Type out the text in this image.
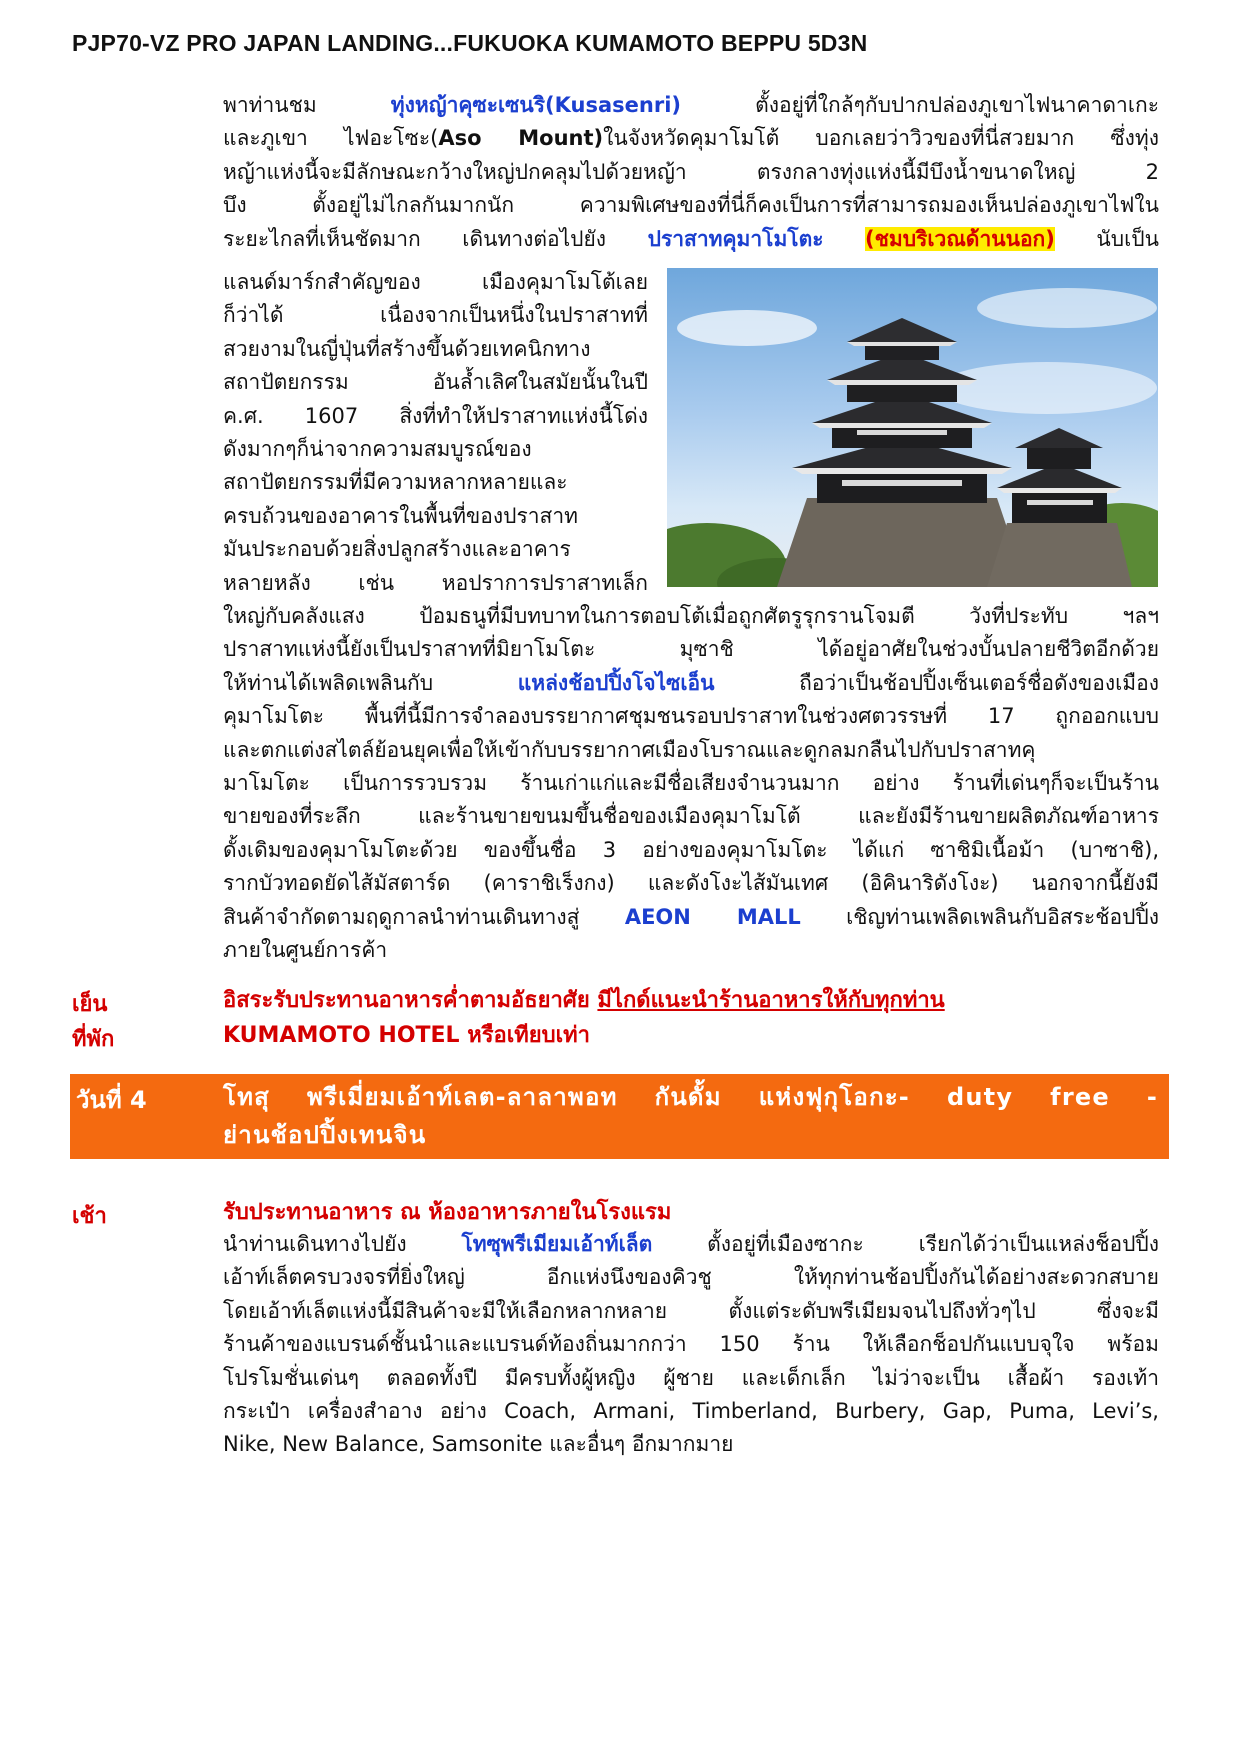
PJP70-VZ PRO JAPAN LANDING...FUKUOKA KUMAMOTO BEPPU 5D3N
พาท่านชม ทุ่งหญ้าคุซะเซนริ(Kusasenri) ตั้งอยู่ที่ใกล้ๆกับปากปล่องภูเขาไฟนาคาดาเกะ
และภูเขา ไฟอะโซะ(Aso Mount)ในจังหวัดคุมาโมโต้ บอกเลยว่าวิวของที่นี่สวยมาก ซึ่งทุ่ง
หญ้าแห่งนี้จะมีลักษณะกว้างใหญ่ปกคลุมไปด้วยหญ้า ตรงกลางทุ่งแห่งนี้มีบึงน้ำขนาดใหญ่ 2
บึง ตั้งอยู่ไม่ไกลกันมากนัก ความพิเศษของที่นี่ก็คงเป็นการที่สามารถมองเห็นปล่องภูเขาไฟใน
ระยะไกลที่เห็นชัดมาก เดินทางต่อไปยัง ปราสาทคุมาโมโตะ (ชมบริเวณด้านนอก) นับเป็น
แลนด์มาร์กสำคัญของ เมืองคุมาโมโต้เลย
ก็ว่าได้ เนื่องจากเป็นหนึ่งในปราสาทที่
สวยงามในญี่ปุ่นที่สร้างขึ้นด้วยเทคนิกทาง
สถาปัตยกรรม อันล้ำเลิศในสมัยนั้นในปี
ค.ศ. 1607 สิ่งที่ทำให้ปราสาทแห่งนี้โด่ง
ดังมากๆก็น่าจากความสมบูรณ์ของ
สถาปัตยกรรมที่มีความหลากหลายและ
ครบถ้วนของอาคารในพื้นที่ของปราสาท
มันประกอบด้วยสิ่งปลูกสร้างและอาคาร
หลายหลัง เช่น หอปราการปราสาทเล็ก
ใหญ่กับคลังแสง ป้อมธนูที่มีบทบาทในการตอบโต้เมื่อถูกศัตรูรุกรานโจมตี วังที่ประทับ ฯลฯ
ปราสาทแห่งนี้ยังเป็นปราสาทที่มิยาโมโตะ มุซาชิ ได้อยู่อาศัยในช่วงบั้นปลายชีวิตอีกด้วย
ให้ท่านได้เพลิดเพลินกับ แหล่งช้อปปิ้งโจไซเอ็น ถือว่าเป็นช้อปปิ้งเซ็นเตอร์ชื่อดังของเมือง
คุมาโมโตะ พื้นที่นี้มีการจำลองบรรยากาศชุมชนรอบปราสาทในช่วงศตวรรษที่ 17 ถูกออกแบบ
และตกแต่งสไตล์ย้อนยุคเพื่อให้เข้ากับบรรยากาศเมืองโบราณและดูกลมกลืนไปกับปราสาทคุ
มาโมโตะ เป็นการรวบรวม ร้านเก่าแก่และมีชื่อเสียงจำนวนมาก อย่าง ร้านที่เด่นๆก็จะเป็นร้าน
ขายของที่ระลึก และร้านขายขนมขึ้นชื่อของเมืองคุมาโมโต้ และยังมีร้านขายผลิตภัณฑ์อาหาร
ดั้งเดิมของคุมาโมโตะด้วย ของขึ้นชื่อ 3 อย่างของคุมาโมโตะ ได้แก่ ซาชิมิเนื้อม้า (บาซาชิ),
รากบัวทอดยัดไส้มัสตาร์ด (คาราชิเร็งกง) และดังโงะไส้มันเทศ (อิคินาริดังโงะ) นอกจากนี้ยังมี
สินค้าจำกัดตามฤดูกาลนำท่านเดินทางสู่ AEON MALL เชิญท่านเพลิดเพลินกับอิสระช้อปปิ้ง
ภายในศูนย์การค้า
เย็น	อิสระรับประทานอาหารค่ำตามอัธยาศัย มีไกด์แนะนำร้านอาหารให้กับทุกท่าน
ที่พัก	KUMAMOTO HOTEL หรือเทียบเท่า
วันที่ 4	โทสุ พรีเมี่ยมเอ้าท์เลต-ลาลาพอท กันดั้ม แห่งฟุกุโอกะ- duty free -
ย่านช้อปปิ้งเทนจิน
เช้า	รับประทานอาหาร ณ ห้องอาหารภายในโรงแรม
นำท่านเดินทางไปยัง โทซุพรีเมียมเอ้าท์เล็ต ตั้งอยู่ที่เมืองซากะ เรียกได้ว่าเป็นแหล่งช็อปปิ้ง
เอ้าท์เล็ตครบวงจรที่ยิ่งใหญ่ อีกแห่งนึงของคิวชู ให้ทุกท่านช้อปปิ้งกันได้อย่างสะดวกสบาย
โดยเอ้าท์เล็ตแห่งนี้มีสินค้าจะมีให้เลือกหลากหลาย ตั้งแต่ระดับพรีเมียมจนไปถึงทั่วๆไป ซึ่งจะมี
ร้านค้าของแบรนด์ชั้นนำและแบรนด์ท้องถิ่นมากกว่า 150 ร้าน ให้เลือกช็อปกันแบบจุใจ พร้อม
โปรโมชั่นเด่นๆ ตลอดทั้งปี มีครบทั้งผู้หญิง ผู้ชาย และเด็กเล็ก ไม่ว่าจะเป็น เสื้อผ้า รองเท้า
กระเป๋า เครื่องสำอาง อย่าง Coach, Armani, Timberland, Burbery, Gap, Puma, Levi’s,
Nike, New Balance, Samsonite และอื่นๆ อีกมากมาย
